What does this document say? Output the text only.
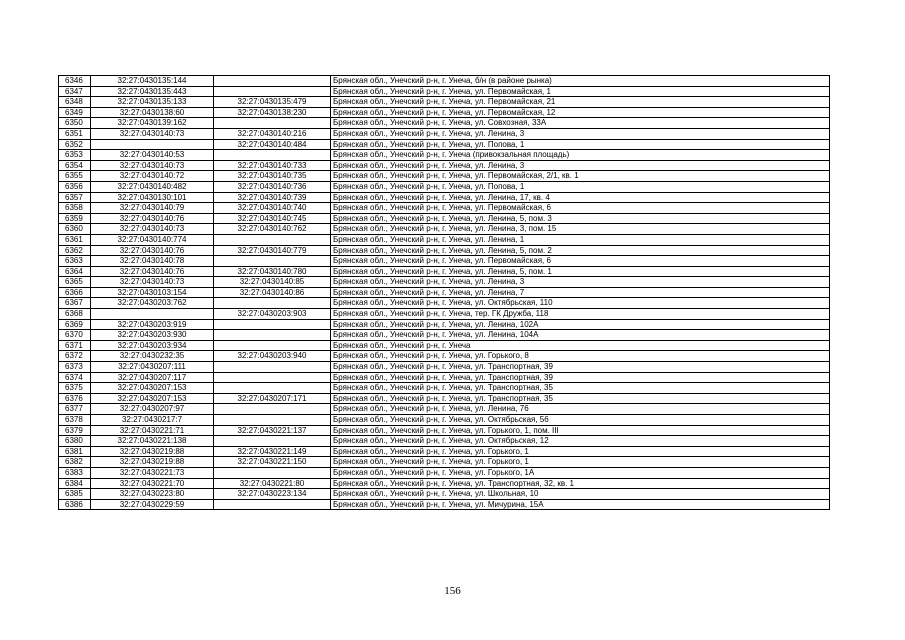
6346	32:27:0430135:144		Брянская обл., Унечский р-н, г. Унеча, б/н (в районе рынка)
6347	32:27:0430135:443		Брянская обл., Унечский р-н, г. Унеча, ул. Первомайская, 1
6348	32:27:0430135:133	32:27:0430135:479	Брянская обл., Унечский р-н, г. Унеча, ул. Первомайская, 21
6349	32:27:0430138:60	32:27:0430138:230	Брянская обл., Унечский р-н, г. Унеча, ул. Первомайская, 12
6350	32:27:0430139:162		Брянская обл., Унечский р-н, г. Унеча, ул. Совхозная, 33А
6351	32:27:0430140:73	32:27:0430140:216	Брянская обл., Унечский р-н, г. Унеча, ул. Ленина, 3
6352		32:27:0430140:484	Брянская обл., Унечский р-н, г. Унеча, ул. Попова, 1
6353	32:27:0430140:53		Брянская обл., Унечский р-н, г. Унеча (привокзальная площадь)
6354	32:27:0430140:73	32:27:0430140:733	Брянская обл., Унечский р-н, г. Унеча, ул. Ленина, 3
6355	32:27:0430140:72	32:27:0430140:735	Брянская обл., Унечский р-н, г. Унеча, ул. Первомайская, 2/1, кв. 1
6356	32:27:0430140:482	32:27:0430140:736	Брянская обл., Унечский р-н, г. Унеча, ул. Попова, 1
6357	32:27:0430130:101	32:27:0430140:739	Брянская обл., Унечский р-н, г. Унеча, ул. Ленина, 17, кв. 4
6358	32:27:0430140:79	32:27:0430140:740	Брянская обл., Унечский р-н, г. Унеча, ул. Первомайская, 6
6359	32:27:0430140:76	32:27:0430140:745	Брянская обл., Унечский р-н, г. Унеча, ул. Ленина, 5, пом. 3
6360	32:27:0430140:73	32:27:0430140:762	Брянская обл., Унечский р-н, г. Унеча, ул. Ленина, 3, пом. 15
6361	32:27:0430140:774		Брянская обл., Унечский р-н, г. Унеча, ул. Ленина, 1
6362	32:27:0430140:76	32:27:0430140:779	Брянская обл., Унечский р-н, г. Унеча, ул. Ленина, 5, пом. 2
6363	32:27:0430140:78		Брянская обл., Унечский р-н, г. Унеча, ул. Первомайская, 6
6364	32:27:0430140:76	32:27:0430140:780	Брянская обл., Унечский р-н, г. Унеча, ул. Ленина, 5, пом. 1
6365	32:27:0430140:73	32:27:0430140:85	Брянская обл., Унечский р-н, г. Унеча, ул. Ленина, 3
6366	32:27:0430103:154	32:27:0430140:86	Брянская обл., Унечский р-н, г. Унеча, ул. Ленина, 7
6367	32:27:0430203:762		Брянская обл., Унечский р-н, г. Унеча, ул. Октябрьская, 110
6368		32:27:0430203:903	Брянская обл., Унечский р-н, г. Унеча, тер. ГК Дружба, 118
6369	32:27:0430203:919		Брянская обл., Унечский р-н, г. Унеча, ул. Ленина, 102А
6370	32:27:0430203:930		Брянская обл., Унечский р-н, г. Унеча, ул. Ленина, 104А
6371	32:27:0430203:934		Брянская обл., Унечский р-н, г. Унеча
6372	32:27:0430232:35	32:27:0430203:940	Брянская обл., Унечский р-н, г. Унеча, ул. Горького, 8
6373	32:27:0430207:111		Брянская обл., Унечский р-н, г. Унеча, ул. Транспортная, 39
6374	32:27:0430207:117		Брянская обл., Унечский р-н, г. Унеча, ул. Транспортная, 39
6375	32:27:0430207:153		Брянская обл., Унечский р-н, г. Унеча, ул. Транспортная, 35
6376	32:27:0430207:153	32:27:0430207:171	Брянская обл., Унечский р-н, г. Унеча, ул. Транспортная, 35
6377	32:27:0430207:97		Брянская обл., Унечский р-н, г. Унеча, ул. Ленина, 76
6378	32:27:0430217:7		Брянская обл., Унечский р-н, г. Унеча, ул. Октябрьская, 56
6379	32:27:0430221:71	32:27:0430221:137	Брянская обл., Унечский р-н, г. Унеча, ул. Горького, 1, пом. III
6380	32:27:0430221:138		Брянская обл., Унечский р-н, г. Унеча, ул. Октябрьская, 12
6381	32:27:0430219:88	32:27:0430221:149	Брянская обл., Унечский р-н, г. Унеча, ул. Горького, 1
6382	32:27:0430219:88	32:27:0430221:150	Брянская обл., Унечский р-н, г. Унеча, ул. Горького, 1
6383	32:27:0430221:73		Брянская обл., Унечский р-н, г. Унеча, ул. Горького, 1А
6384	32:27:0430221:70	32:27:0430221:80	Брянская обл., Унечский р-н, г. Унеча, ул. Транспортная, 32, кв. 1
6385	32:27:0430223:80	32:27:0430223:134	Брянская обл., Унечский р-н, г. Унеча, ул. Школьная, 10
6386	32:27:0430229:59		Брянская обл., Унечский р-н, г. Унеча, ул. Мичурина, 15А
156
